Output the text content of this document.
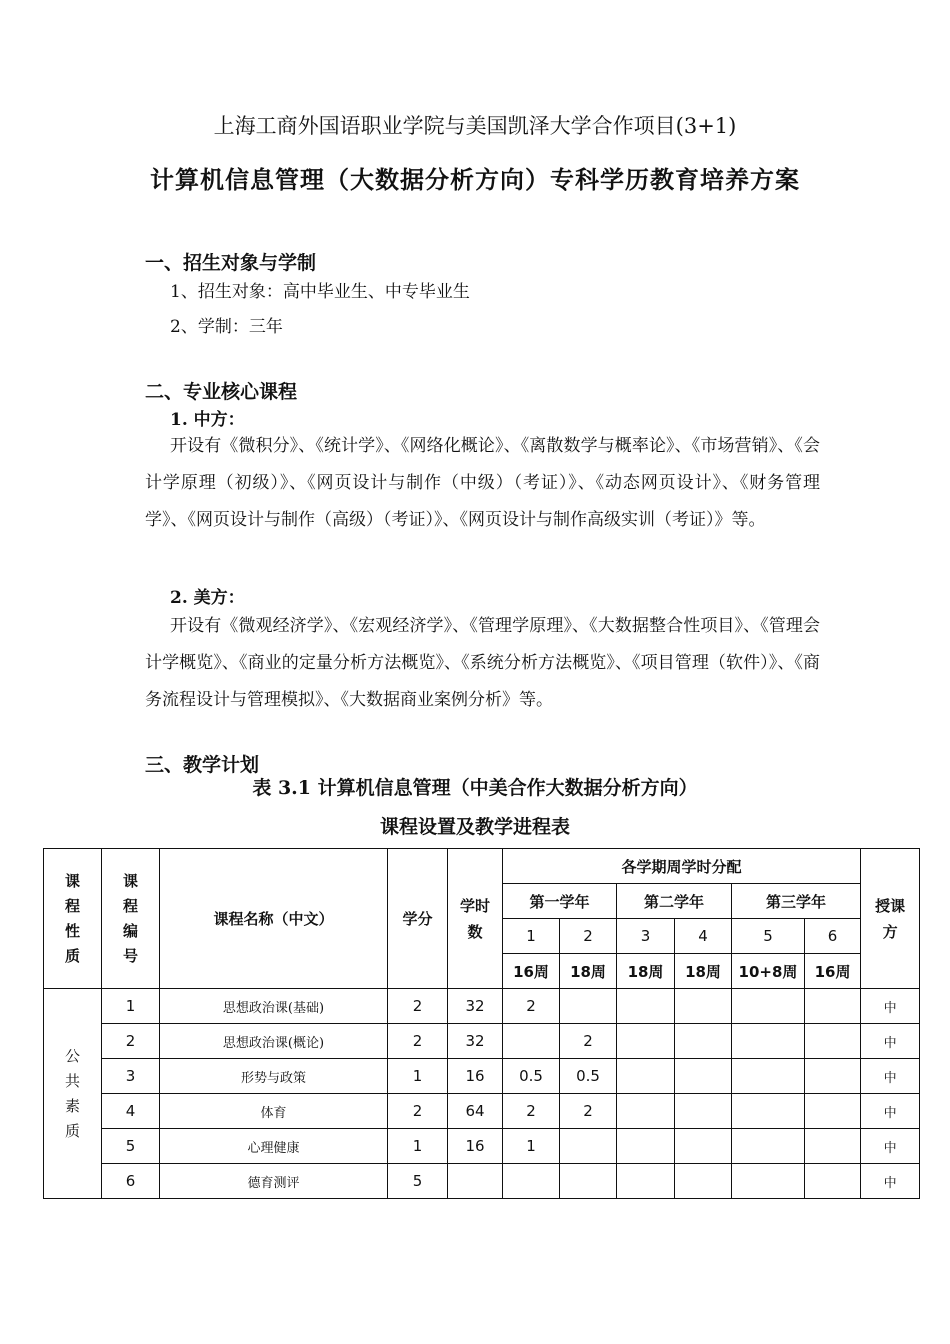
上海工商外国语职业学院与美国凯泽大学合作项目(3+1)
计算机信息管理（大数据分析方向）专科学历教育培养方案
一、招生对象与学制
1、招生对象：高中毕业生、中专毕业生
2、学制：三年
二、专业核心课程
1. 中方：
开设有《微积分》、《统计学》、《网络化概论》、《离散数学与概率论》、《市场营销》、《会计学原理（初级）》、《网页设计与制作（中级）（考证）》、《动态网页设计》、《财务管理学》、《网页设计与制作（高级）（考证）》、《网页设计与制作高级实训（考证）》等。
2. 美方：
开设有《微观经济学》、《宏观经济学》、《管理学原理》、《大数据整合性项目》、《管理会计学概览》、《商业的定量分析方法概览》、《系统分析方法概览》、《项目管理（软件）》、《商务流程设计与管理模拟》、《大数据商业案例分析》等。
三、教学计划
表 3.1 计算机信息管理（中美合作大数据分析方向）
课程设置及教学进程表
课程性质	课程编号	课程名称（中文）	学分	学时数	各学期周学时分配						授课方
					第一学年		第二学年		第三学年		
					1	2	3	4	5	6	
					16周	18周	18周	18周	10+8周	16周	
公共素质	1	思想政治课(基础)	2	32	2						中
	2	思想政治课(概论)	2	32		2					中
	3	形势与政策	1	16	0.5	0.5					中
	4	体育	2	64	2	2					中
	5	心理健康	1	16	1						中
	6	德育测评	5								中
